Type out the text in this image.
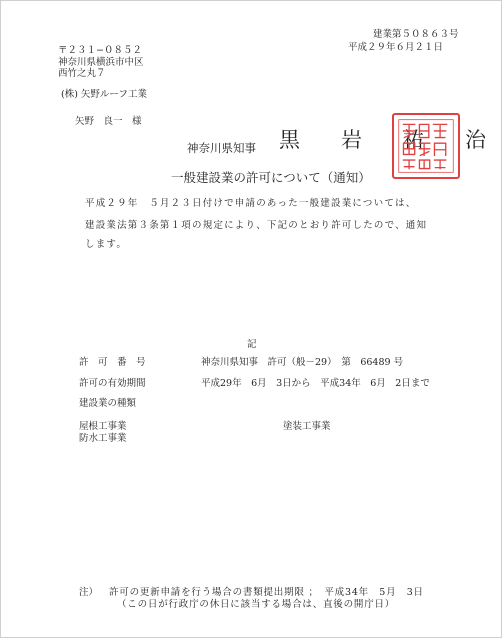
建業第５０８６３号
平成２９年６月２１日
〒２３１−０８５２
神奈川県横浜市中区
西竹之丸７
(株) 矢野ルーフ工業
矢野　良一　様
神奈川県知事 黒　岩　祐　治
一般建設業の許可について（通知）
平成２９年　５月２３日付けで申請のあった一般建設業については、
建設業法第３条第１項の規定により、下記のとおり許可したので、通知
します。
記
許　可　番　号	神奈川県知事　許可（般－29）　第　66489 号
許可の有効期間	平成29年　6月　3日から　平成34年　6月　2日まで
建設業の種類
屋根工事業
防水工事業
塗装工事業
注） 許可の更新申請を行う場合の書類提出期限 ；　平成34年　5月　3日
（この日が行政庁の休日に該当する場合は、直後の開庁日）
